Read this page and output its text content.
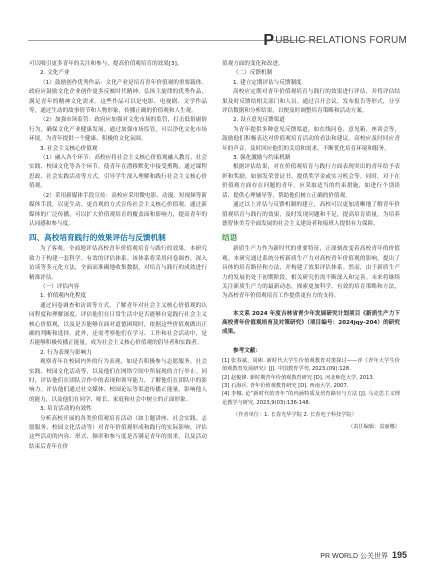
PUBLIC RELATIONS FORUM
可以吸引更多青年的关注和参与，提高价值观培育的效果[3]。
2. 文化产业
（1）鼓励创作优秀作品：文化产业是培育青年价值观的重要载体。政府应鼓励文化企业创作更多反映时代精神、弘扬主旋律的优秀作品，满足青年的精神文化需求。这些作品可以是电影、电视剧、文学作品等，通过生动的故事情节和人物形象，传播正确的价值观和人生观。
（2）加强市场监管：政府应加强对文化市场的监管，打击低俗庸俗行为，确保文化产业健康发展。通过加强市场监管，可以净化文化市场环境，为青年提供一个健康、积极的文化氛围。
3. 社会主义核心价值观
（1）融入各个环节：高校应将社会主义核心价值观融入教育、社会实践、校园文化等各个环节，使青年在潜移默化中接受熏陶。通过课程思政、社会实践活动等方式，引导学生深入理解和践行社会主义核心价值观。
（2）采用新媒体手段宣传：高校应采用微电影、动漫、短视频等新媒体手段，以更生动、更直观的方式宣传社会主义核心价值观。通过新媒体的广泛传播，可以扩大价值观培育的覆盖面和影响力，提高青年的认同感和参与度。
四、高校培育践行的效果评估与反馈机制
为了客观、全面地评估高校青年价值观培育与践行的效果，本研究致力于构建一套科学、有效的评估体系。该体系将采用问卷调查、深入访谈等多元化方法，全面而准确地收集数据，对培育与践行的成效进行精准评估。
（一）评估内容
1. 价值观内化程度
通过问卷调查和访谈等方式，了解青年对社会主义核心价值观的认同程度和理解深度。评估他们在日常生活中是否能够自觉践行社会主义核心价值观，以及是否能够在面对道德困境时，依据这些价值观做出正确的判断和选择。此外，还需考察他们在学习、工作和社会活动中，是否能够积极传播正能量，成为社会主义核心价值观的倡导者和实践者。
2. 行为表现与影响力
观察青年在校园内外的行为表现，如是否积极参与志愿服务、社会实践、校园文化活动等，以及他们在网络空间中所展现的言行举止。同时，评估他们在团队合作中的表现和领导能力，了解他们在团队中的影响力。评估他们通过社交媒体、校园论坛等渠道传播正能量、影响他人的能力，以及他们在同学、师长、家庭和社会中树立的正面形象。
3. 培育活动的有效性
分析高校开展的各类价值观培育活动（如主题讲座、社会实践、志愿服务、校园文化活动等）对青年价值观形成和践行的实际影响。评估这些活动的内容、形式、频率和参与度是否满足青年的需求，以及活动结束后青年在价
值观方面的变化和改进。
（二）反馈机制
1. 建立定期评估与反馈制度
高校应定期对青年价值观培育与践行的效果进行评估，并将评估结果及时反馈给相关部门和人员。通过召开会议、发布报告等形式，分享评估数据和分析结果，以便及时调整培育策略和活动方案。
2. 设立意见反馈渠道
为青年提供多种意见反馈渠道，如在线问卷、意见箱、座谈会等，鼓励他们积极表达对价值观培育活动的看法和建议。高校应及时回应青年的声音，及时回应他们的关切和需求，不断优化培育环境和服务。
3. 强化激励与约束机制
根据评估结果，对在价值观培育与践行方面表现突出的青年给予表彰和奖励，如颁发荣誉证书、提供奖学金或实习机会等。同时，对于在价值观方面存在问题的青年，应采取适当的约束措施，如进行个别谈话、提供心理辅导等，帮助他们树立正确的价值观。
通过以上评估与反馈机制的建立，高校可以更加清晰地了解青年价值观培育与践行的效果，及时发现问题和不足，提高培育质量。为培养德智体美劳全面发展的社会主义建设者和接班人提供有力保障。
结语
新质生产力作为新时代的重要特征，正深刻改变着高校青年的价值观。本研究通过系统分析新质生产力对高校青年价值观的影响，提出了具体的培育路径和方法，并构建了效果评估体系。然而，由于新质生产力的发展仍处于初期阶段，相关研究仍需不断深入和完善。未来将继续关注新质生产力的最新动态，探索更加科学、有效的培育策略和方法，为高校青年价值观培育工作提供更有力的支持。
本文系 2024 年度吉林省青少年发展研究计划项目《新质生产力下高校青年价值观培育及对策研究》（项目编号：2024jqy-204）的研究成果。
参考文献：
[1] 张春斌，周彬. 新时代大学生价值观教育对策探讨——评《青年大学生价值观教育发展研究》[J]. 中国教育学刊, 2023,(09):128.
[2] 赵俊锋. 新时期青年价值观教育研究 [D]. 河北师范大学, 2013.
[3] 石海兵. 青年价值观教育研究 [D]. 西南大学, 2007.
[4] 李娜. 论“新时代的青年”的内涵特质及培育路径与方法 [J]. 马克思主义理论教学与研究, 2023,9(03):136-148.
（作者单位：1. 长春光华学院 2. 长春电子科技学院）
（责任编辑：袁丽娜）
PR WORLD 公关世界 195
